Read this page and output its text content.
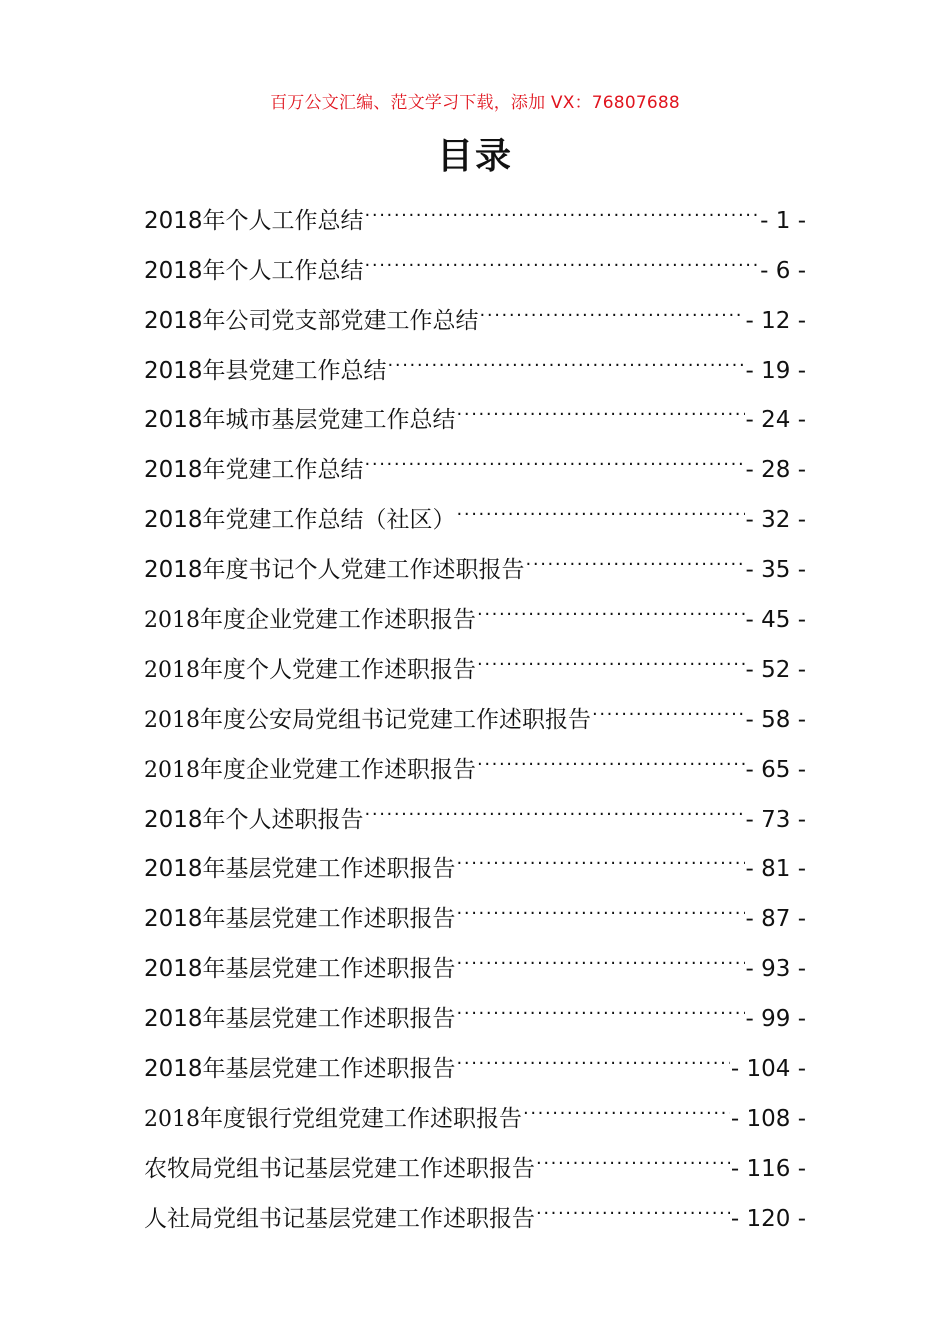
百万公文汇编、范文学习下载，添加 VX：76807688
目录
2018年个人工作总结 .....	- 1 -
2018年个人工作总结 .....	- 6 -
2018年公司党支部党建工作总结 .....	- 12 -
2018年县党建工作总结 .....	- 19 -
2018年城市基层党建工作总结 .....	- 24 -
2018年党建工作总结 .....	- 28 -
2018年党建工作总结（社区） .....	- 32 -
2018年度书记个人党建工作述职报告 .....	- 35 -
2018年度企业党建工作述职报告 .....	- 45 -
2018年度个人党建工作述职报告 .....	- 52 -
2018年度公安局党组书记党建工作述职报告 .....	- 58 -
2018年度企业党建工作述职报告 .....	- 65 -
2018年个人述职报告 .....	- 73 -
2018年基层党建工作述职报告 .....	- 81 -
2018年基层党建工作述职报告 .....	- 87 -
2018年基层党建工作述职报告 .....	- 93 -
2018年基层党建工作述职报告 .....	- 99 -
2018年基层党建工作述职报告 .....	- 104 -
2018年度银行党组党建工作述职报告 .....	- 108 -
农牧局党组书记基层党建工作述职报告 .....	- 116 -
人社局党组书记基层党建工作述职报告 .....	- 120 -
